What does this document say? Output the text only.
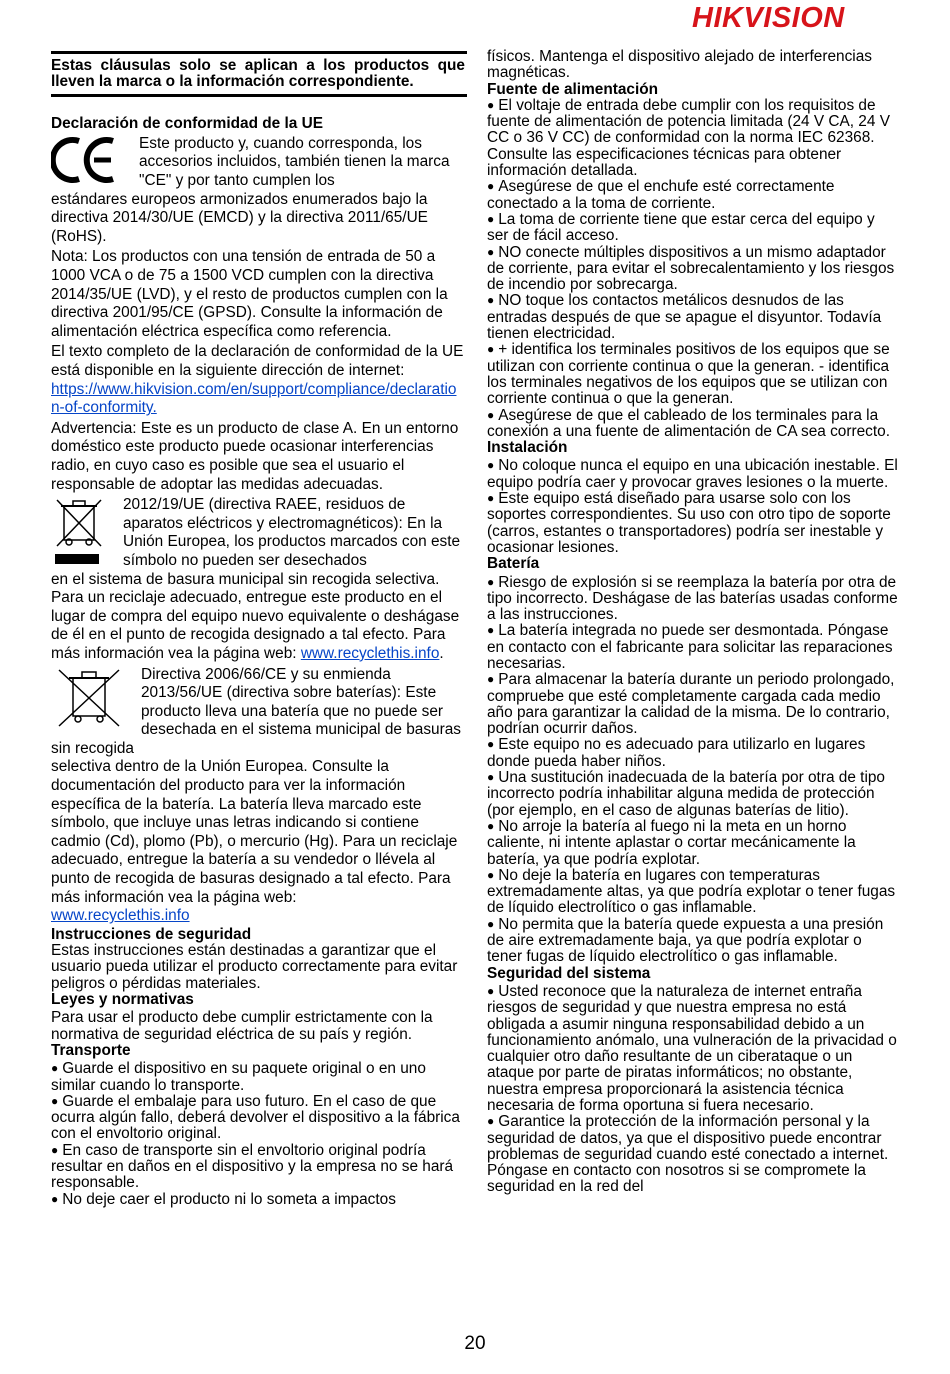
HIKVISION

Estas cláusulas solo se aplican a los productos que lleven la marca o la información correspondiente.

Declaración de conformidad de la UE

Este producto y, cuando corresponda, los accesorios incluidos, también tienen la marca "CE" y por tanto cumplen los

estándares europeos armonizados enumerados bajo la directiva 2014/30/UE (EMCD) y la directiva 2011/65/UE (RoHS).

Nota: Los productos con una tensión de entrada de 50 a 1000 VCA o de 75 a 1500 VCD cumplen con la directiva 2014/35/UE (LVD), y el resto de productos cumplen con la directiva 2001/95/CE (GPSD). Consulte la información de alimentación eléctrica específica como referencia.

El texto completo de la declaración de conformidad de la UE está disponible en la siguiente dirección de internet:

https://www.hikvision.com/en/support/compliance/declaration-of-conformity.

Advertencia: Este es un producto de clase A. En un entorno doméstico este producto puede ocasionar interferencias radio, en cuyo caso es posible que sea el usuario el responsable de adoptar las medidas adecuadas.

2012/19/UE (directiva RAEE, residuos de aparatos eléctricos y electromagnéticos): En la Unión Europea, los productos marcados con este símbolo no pueden ser desechados

en el sistema de basura municipal sin recogida selectiva. Para un reciclaje adecuado, entregue este producto en el lugar de compra del equipo nuevo equivalente o deshágase de él en el punto de recogida designado a tal efecto. Para más información vea la página web: www.recyclethis.info.

Directiva 2006/66/CE y su enmienda 2013/56/UE (directiva sobre baterías): Este producto lleva una batería que no puede ser desechada en el sistema municipal de basuras sin recogida

selectiva dentro de la Unión Europea. Consulte la documentación del producto para ver la información específica de la batería. La batería lleva marcado este símbolo, que incluye unas letras indicando si contiene cadmio (Cd), plomo (Pb), o mercurio (Hg). Para un reciclaje adecuado, entregue la batería a su vendedor o llévela al punto de recogida de basuras designado a tal efecto. Para más información vea la página web:

www.recyclethis.info

Instrucciones de seguridad

Estas instrucciones están destinadas a garantizar que el usuario pueda utilizar el producto correctamente para evitar peligros o pérdidas materiales.

Leyes y normativas

Para usar el producto debe cumplir estrictamente con la normativa de seguridad eléctrica de su país y región.

Transporte

● Guarde el dispositivo en su paquete original o en uno similar cuando lo transporte.

● Guarde el embalaje para uso futuro. En el caso de que ocurra algún fallo, deberá devolver el dispositivo a la fábrica con el envoltorio original.

● En caso de transporte sin el envoltorio original podría resultar en daños en el dispositivo y la empresa no se hará responsable.

● No deje caer el producto ni lo someta a impactos

físicos. Mantenga el dispositivo alejado de interferencias magnéticas.

Fuente de alimentación

● El voltaje de entrada debe cumplir con los requisitos de fuente de alimentación de potencia limitada (24 V CA, 24 V CC o 36 V CC) de conformidad con la norma IEC 62368. Consulte las especificaciones técnicas para obtener información detallada.

● Asegúrese de que el enchufe esté correctamente conectado a la toma de corriente.

● La toma de corriente tiene que estar cerca del equipo y ser de fácil acceso.

● NO conecte múltiples dispositivos a un mismo adaptador de corriente, para evitar el sobrecalentamiento y los riesgos de incendio por sobrecarga.

● NO toque los contactos metálicos desnudos de las entradas después de que se apague el disyuntor. Todavía tienen electricidad.

● + identifica los terminales positivos de los equipos que se utilizan con corriente continua o que la generan. - identifica los terminales negativos de los equipos que se utilizan con corriente continua o que la generan.

● Asegúrese de que el cableado de los terminales para la conexión a una fuente de alimentación de CA sea correcto.

Instalación

● No coloque nunca el equipo en una ubicación inestable. El equipo podría caer y provocar graves lesiones o la muerte.

● Este equipo está diseñado para usarse solo con los soportes correspondientes. Su uso con otro tipo de soporte (carros, estantes o transportadores) podría ser inestable y ocasionar lesiones.

Batería

● Riesgo de explosión si se reemplaza la batería por otra de tipo incorrecto. Deshágase de las baterías usadas conforme a las instrucciones.

● La batería integrada no puede ser desmontada. Póngase en contacto con el fabricante para solicitar las reparaciones necesarias.

● Para almacenar la batería durante un periodo prolongado, compruebe que esté completamente cargada cada medio año para garantizar la calidad de la misma. De lo contrario, podrían ocurrir daños.

● Este equipo no es adecuado para utilizarlo en lugares donde pueda haber niños.

● Una sustitución inadecuada de la batería por otra de tipo incorrecto podría inhabilitar alguna medida de protección (por ejemplo, en el caso de algunas baterías de litio).

● No arroje la batería al fuego ni la meta en un horno caliente, ni intente aplastar o cortar mecánicamente la batería, ya que podría explotar.

● No deje la batería en lugares con temperaturas extremadamente altas, ya que podría explotar o tener fugas de líquido electrolítico o gas inflamable.

● No permita que la batería quede expuesta a una presión de aire extremadamente baja, ya que podría explotar o tener fugas de líquido electrolítico o gas inflamable.

Seguridad del sistema

● Usted reconoce que la naturaleza de internet entraña riesgos de seguridad y que nuestra empresa no está obligada a asumir ninguna responsabilidad debido a un funcionamiento anómalo, una vulneración de la privacidad o cualquier otro daño resultante de un ciberataque o un ataque por parte de piratas informáticos; no obstante, nuestra empresa proporcionará la asistencia técnica necesaria de forma oportuna si fuera necesario.

● Garantice la protección de la información personal y la seguridad de datos, ya que el dispositivo puede encontrar problemas de seguridad cuando esté conectado a internet. Póngase en contacto con nosotros si se compromete la seguridad en la red del

20
